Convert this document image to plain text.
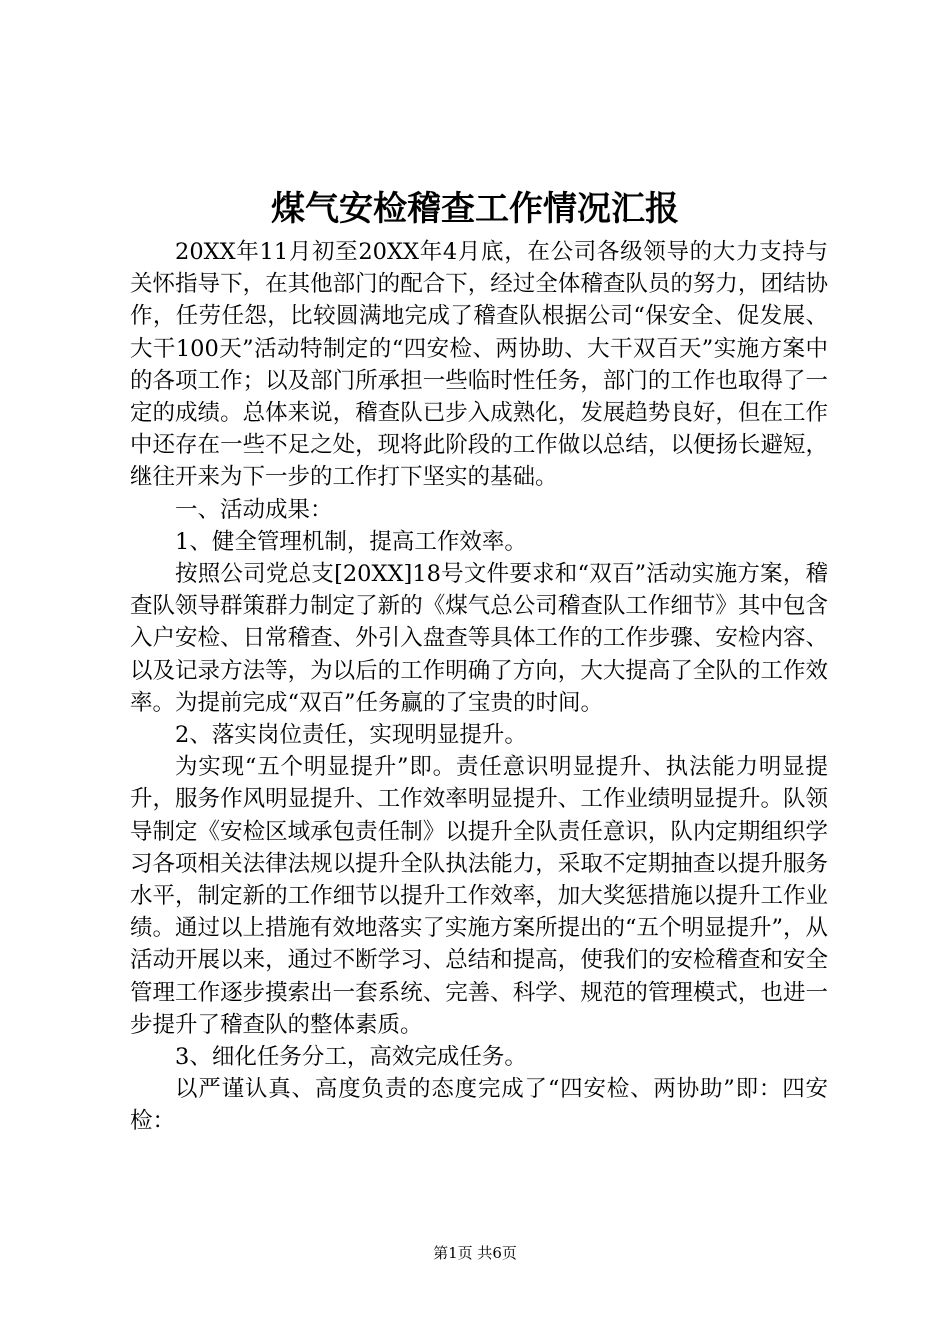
煤气安检稽查工作情况汇报

20XX年11月初至20XX年4月底，在公司各级领导的大力支持与关怀指导下，在其他部门的配合下，经过全体稽查队员的努力，团结协作，任劳任怨，比较圆满地完成了稽查队根据公司“保安全、促发展、大干100天”活动特制定的“四安检、两协助、大干双百天”实施方案中的各项工作；以及部门所承担一些临时性任务，部门的工作也取得了一定的成绩。总体来说，稽查队已步入成熟化，发展趋势良好，但在工作中还存在一些不足之处，现将此阶段的工作做以总结，以便扬长避短，继往开来为下一步的工作打下坚实的基础。

一、活动成果：

1、健全管理机制，提高工作效率。

按照公司党总支[20XX]18号文件要求和“双百”活动实施方案，稽查队领导群策群力制定了新的《煤气总公司稽查队工作细节》其中包含入户安检、日常稽查、外引入盘查等具体工作的工作步骤、安检内容、以及记录方法等，为以后的工作明确了方向，大大提高了全队的工作效率。为提前完成“双百”任务赢的了宝贵的时间。

2、落实岗位责任，实现明显提升。

为实现“五个明显提升”即。责任意识明显提升、执法能力明显提升，服务作风明显提升、工作效率明显提升、工作业绩明显提升。队领导制定《安检区域承包责任制》以提升全队责任意识，队内定期组织学习各项相关法律法规以提升全队执法能力，采取不定期抽查以提升服务水平，制定新的工作细节以提升工作效率，加大奖惩措施以提升工作业绩。通过以上措施有效地落实了实施方案所提出的“五个明显提升”，从活动开展以来，通过不断学习、总结和提高，使我们的安检稽查和安全管理工作逐步摸索出一套系统、完善、科学、规范的管理模式，也进一步提升了稽查队的整体素质。

3、细化任务分工，高效完成任务。

以严谨认真、高度负责的态度完成了“四安检、两协助”即：四安检：

第1页 共6页
